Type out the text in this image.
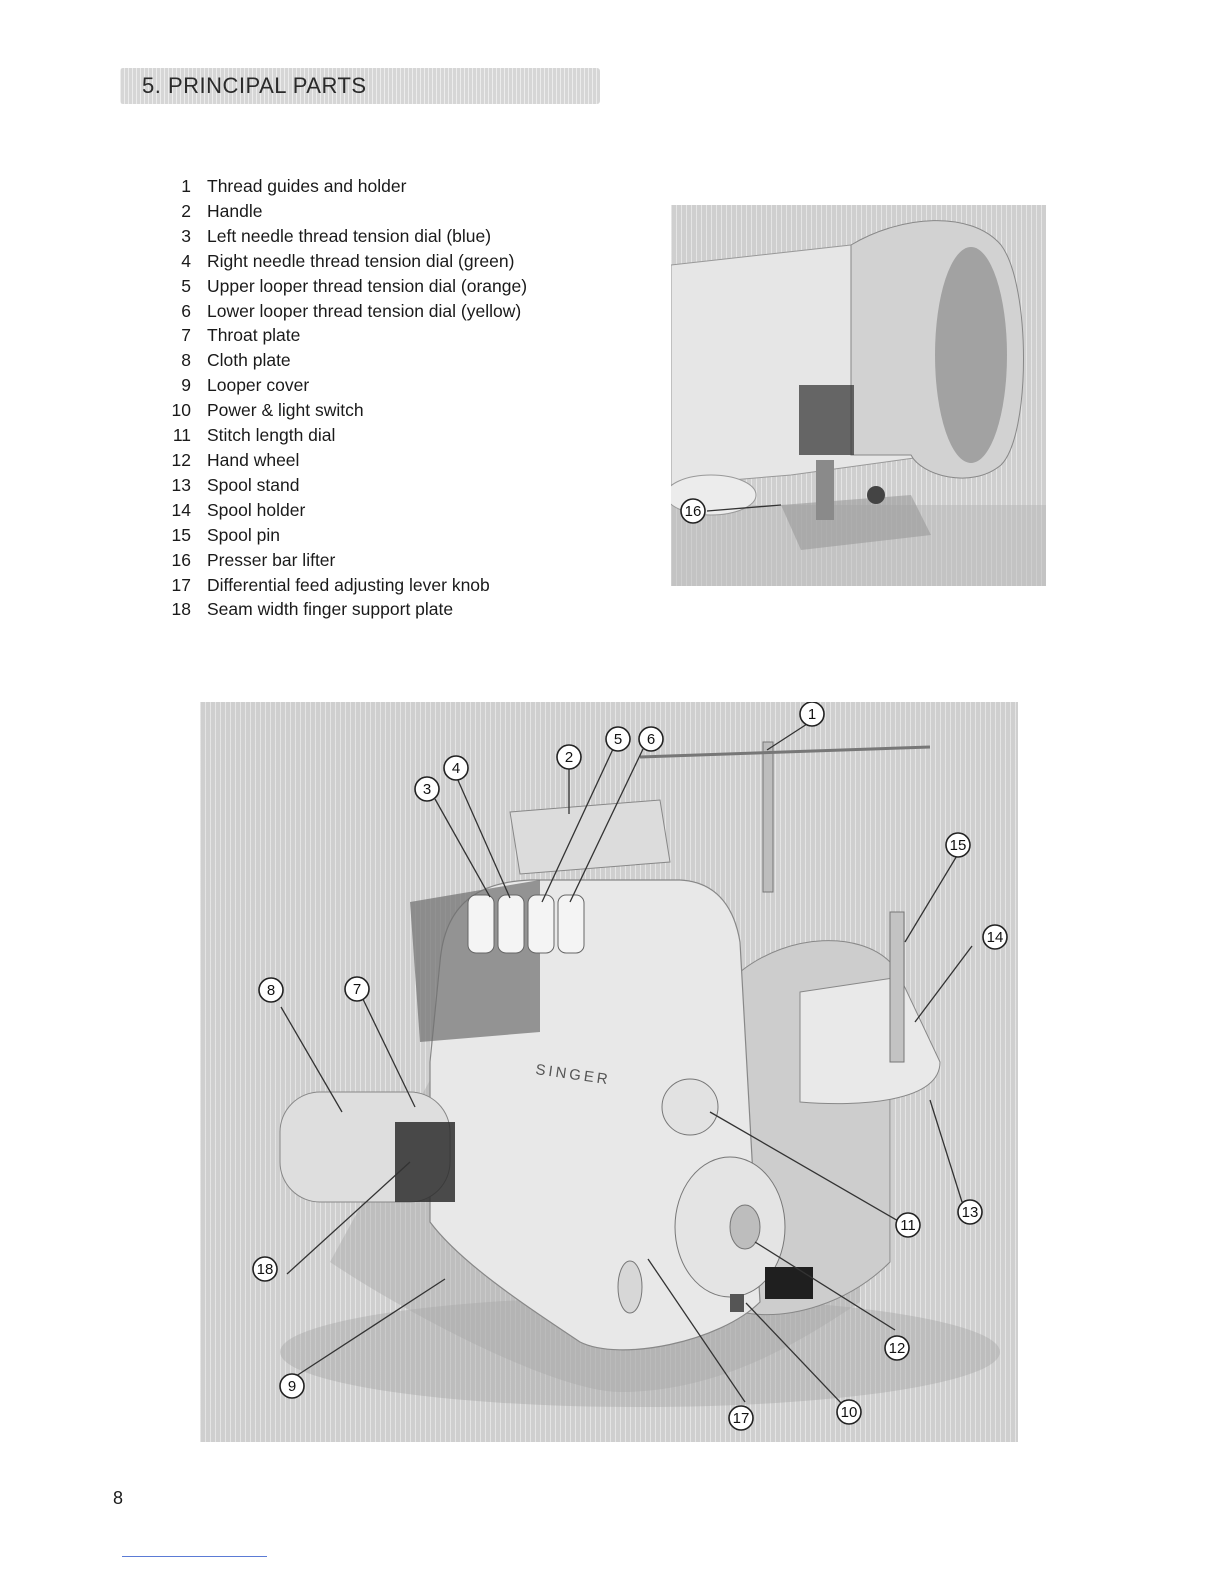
5. PRINCIPAL PARTS
1 Thread guides and holder
2 Handle
3 Left needle thread tension dial (blue)
4 Right needle thread tension dial (green)
5 Upper looper thread tension dial (orange)
6 Lower looper thread tension dial (yellow)
7 Throat plate
8 Cloth plate
9 Looper cover
10 Power & light switch
11 Stitch length dial
12 Hand wheel
13 Spool stand
14 Spool holder
15 Spool pin
16 Presser bar lifter
17 Differential feed adjusting lever knob
18 Seam width finger support plate
16
SINGER
1
2
3
4
5 6
7
8
9
10
11
12
13
14
15
17
18
8
